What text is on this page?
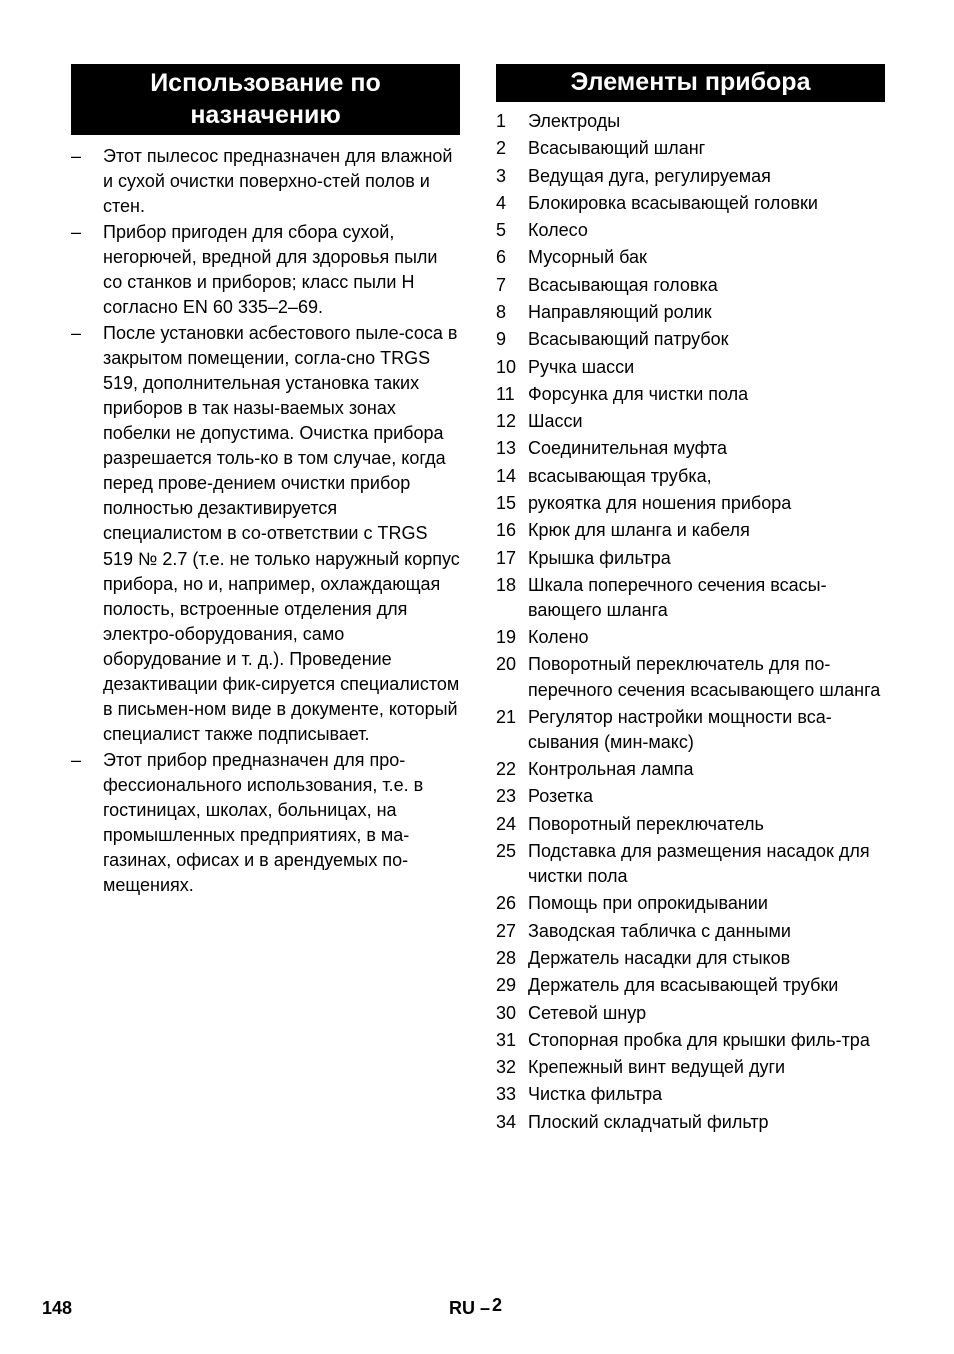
Использование по
назначению
– Этот пылесос предназначен для влажной и сухой очистки поверхно-стей полов и стен.
– Прибор пригоден для сбора сухой, негорючей, вредной для здоровья пыли со станков и приборов; класс пыли H согласно EN 60 335–2–69.
– После установки асбестового пыле-соса в закрытом помещении, согла-сно TRGS 519, дополнительная установка таких приборов в так назы-ваемых зонах побелки не допустима. Очистка прибора разрешается толь-ко в том случае, когда перед прове-дением очистки прибор полностью дезактивируется специалистом в со-ответствии с TRGS 519 № 2.7 (т.е. не только наружный корпус прибора, но и, например, охлаждающая полость, встроенные отделения для электро-оборудования, само оборудование и т. д.). Проведение дезактивации фик-сируется специалистом в письмен-ном виде в документе, который специалист также подписывает.
– Этот прибор предназначен для про-фессионального использования, т.е. в гостиницах, школах, больницах, на промышленных предприятиях, в ма-газинах, офисах и в арендуемых по-мещениях.
Элементы прибора
1 Электроды
2 Всасывающий шланг
3 Ведущая дуга, регулируемая
4 Блокировка всасывающей головки
5 Колесо
6 Мусорный бак
7 Всасывающая головка
8 Направляющий ролик
9 Всасывающий патрубок
10 Ручка шасси
11 Форсунка для чистки пола
12 Шасси
13 Соединительная муфта
14 всасывающая трубка,
15 рукоятка для ношения прибора
16 Крюк для шланга и кабеля
17 Крышка фильтра
18 Шкала поперечного сечения всасы-вающего шланга
19 Колено
20 Поворотный переключатель для по-перечного сечения всасывающего шланга
21 Регулятор настройки мощности вса-сывания (мин-макс)
22 Контрольная лампа
23 Розетка
24 Поворотный переключатель
25 Подставка для размещения насадок для чистки пола
26 Помощь при опрокидывании
27 Заводская табличка с данными
28 Держатель насадки для стыков
29 Держатель для всасывающей трубки
30 Сетевой шнур
31 Стопорная пробка для крышки филь-тра
32 Крепежный винт ведущей дуги
33 Чистка фильтра
34 Плоский складчатый фильтр
148	RU – 2
